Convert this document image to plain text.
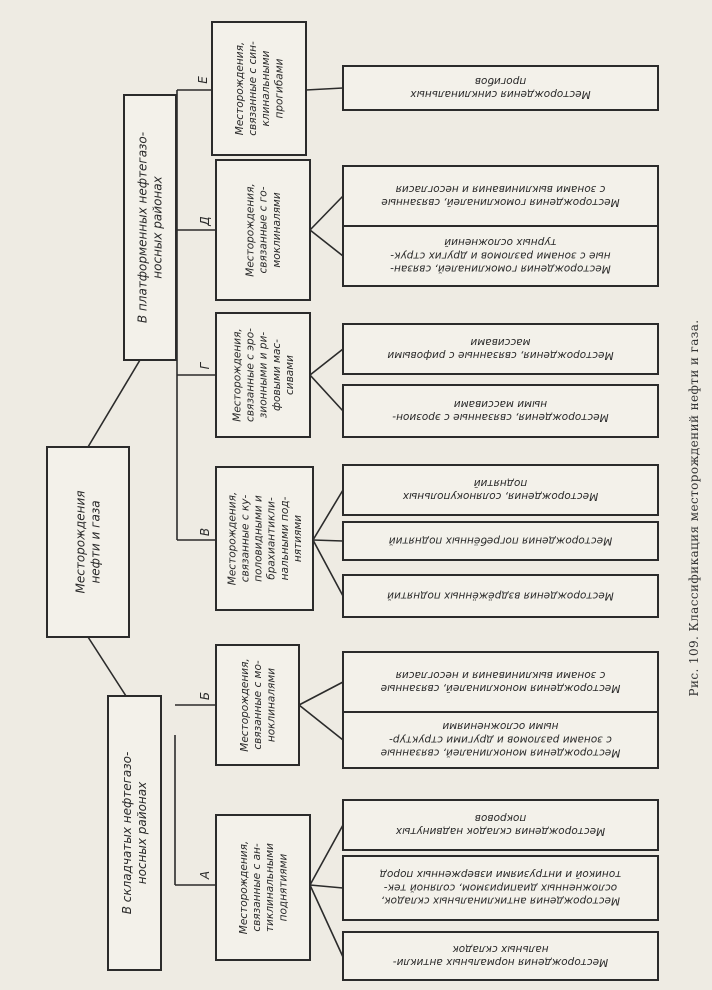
Месторождениянефти и газа
В складчатых нефтегазо-носных районах
В платформенных нефтегазо-носных районах
Месторождения,связанные с ан-тиклинальнымиподнятиями
Месторождения,связанные с мо-ноклиналями
Месторождения,связанные с ку-половидными ибрахиантикли-нальными под-нятиями
Месторождения,связанные с эро-зионными и ри-фовыми мас-сивами
Месторождения,связанные с го-моклиналями
Месторождения,связанные с син-клинальнымипрогибами
Месторождения нормальных антикли-нальных складок
Месторождения антиклинальных складок,осложненных диапиризмом, соляной тек-тоникой и интрузиями изверженных пород
Месторождения складок надвинутыхпокровов
Месторождения моноклиналей, связанныес зонами разломов и другими структур-ными осложнениями
Месторождения моноклиналей, связанныес зонами выклинивания и несогласия
Месторождения вздрёжённых поднятий
Месторождения погребённых поднятий
Месторождения, солянокупольныхподнятий
Месторождения, связанные с эрозион-ными массивами
Месторождения, связанные с рифовымимассивами
Месторождения гомоклиналей, связан-ные с зонами разломов и других струк-турных осложнений
Месторождения гомоклиналей, связанныес зонами выклинивания и несогласия
Месторождения синклинальныхпрогибов
А
Б
В
Г
Д
Е
Рис. 109. Классификация месторождений нефти и газа.
